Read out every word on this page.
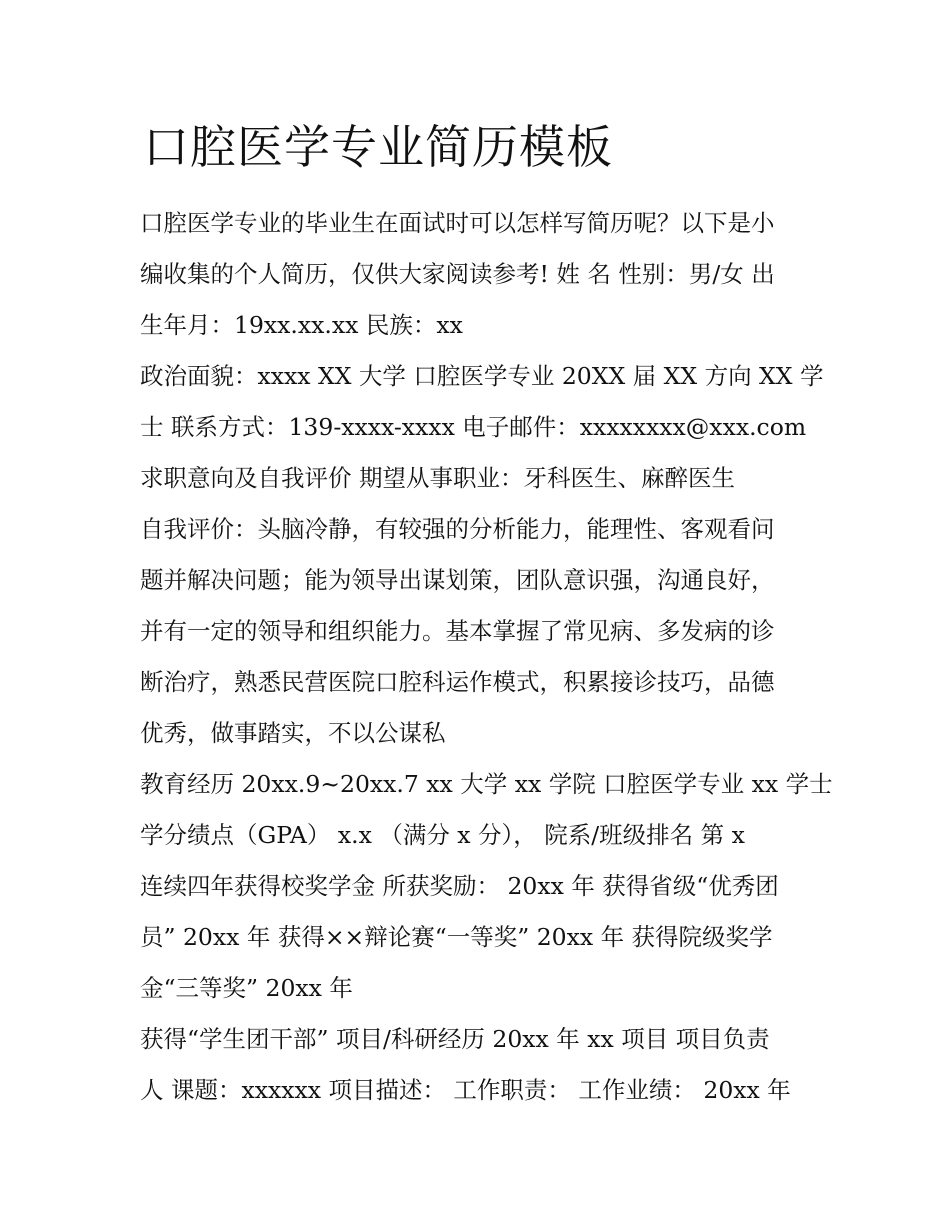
口腔医学专业简历模板
口腔医学专业的毕业生在面试时可以怎样写简历呢？以下是小
编收集的个人简历，仅供大家阅读参考! 姓 名 性别：男/女 出
生年月：19xx.xx.xx 民族：xx
政治面貌：xxxx XX 大学 口腔医学专业 20XX 届 XX 方向 XX 学
士 联系方式：139-xxxx-xxxx 电子邮件：xxxxxxxx@xxx.com
求职意向及自我评价 期望从事职业：牙科医生、麻醉医生
自我评价：头脑冷静，有较强的分析能力，能理性、客观看问
题并解决问题；能为领导出谋划策，团队意识强，沟通良好，
并有一定的领导和组织能力。基本掌握了常见病、多发病的诊
断治疗，熟悉民营医院口腔科运作模式，积累接诊技巧，品德
优秀，做事踏实，不以公谋私
教育经历 20xx.9~20xx.7 xx 大学 xx 学院 口腔医学专业 xx 学士
学分绩点（GPA） x.x （满分 x 分）， 院系/班级排名 第 x
连续四年获得校奖学金 所获奖励： 20xx 年 获得省级“优秀团
员” 20xx 年 获得××辩论赛“一等奖” 20xx 年 获得院级奖学
金“三等奖” 20xx 年
获得“学生团干部” 项目/科研经历 20xx 年 xx 项目 项目负责
人 课题：xxxxxx 项目描述： 工作职责： 工作业绩： 20xx 年
